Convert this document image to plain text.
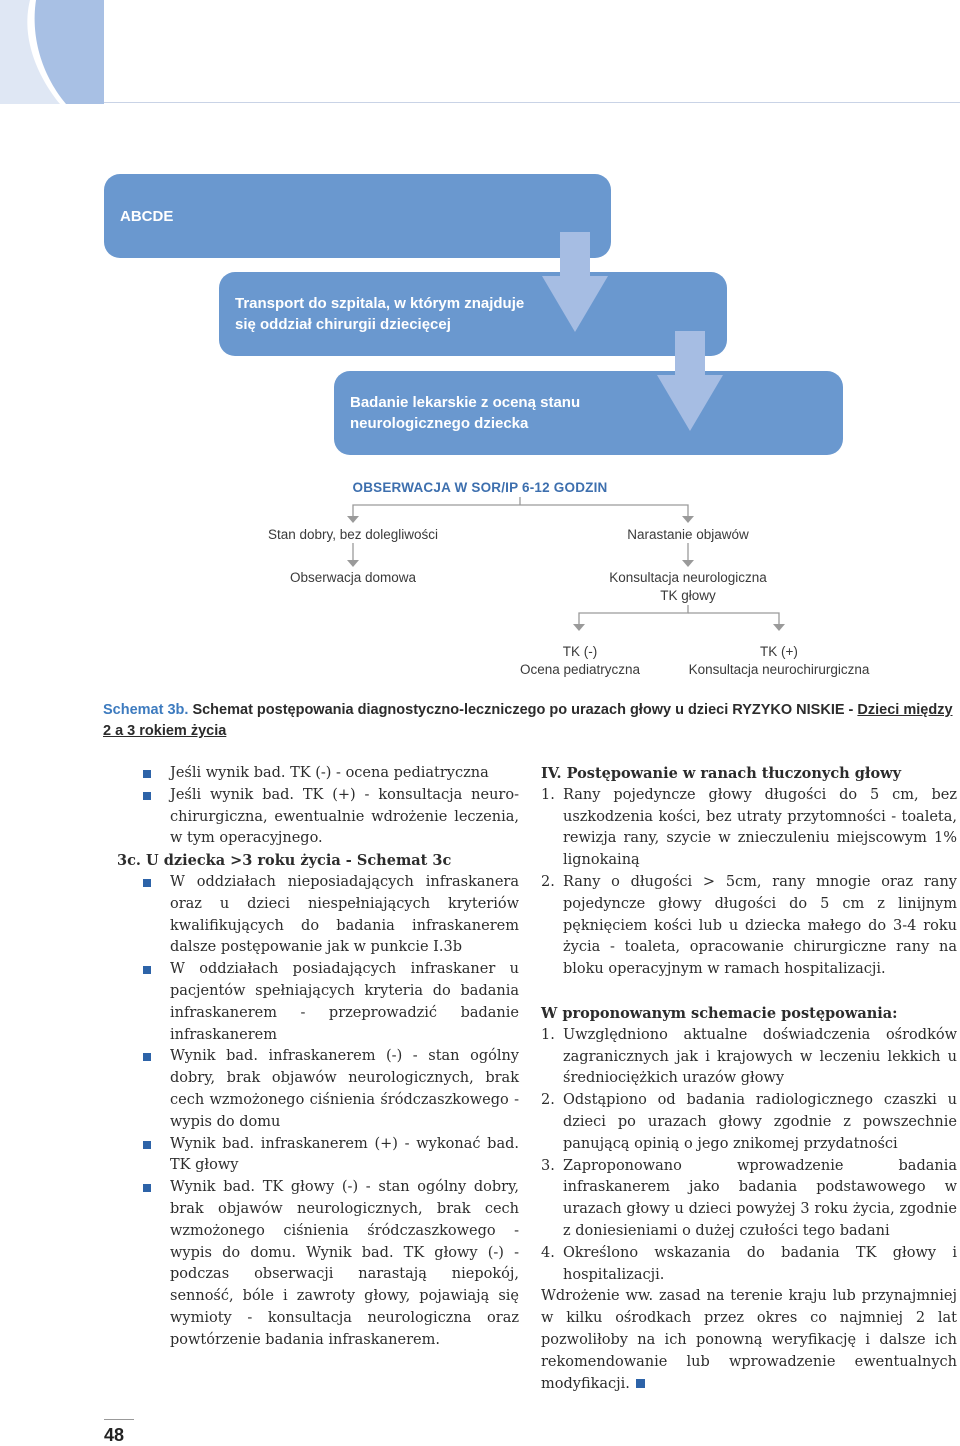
ABCDE
Transport do szpitala, w którym znajduje
się oddział chirurgii dziecięcej
Badanie lekarskie z oceną stanu
neurologicznego dziecka
OBSERWACJA W SOR/IP 6-12 GODZIN
Stan dobry, bez dolegliwości
Obserwacja domowa
Narastanie objawów
Konsultacja neurologiczna
TK głowy
TK (-)
Ocena pediatryczna
TK (+)
Konsultacja neurochirurgiczna
Schemat 3b. Schemat postępowania diagnostyczno-leczniczego po urazach głowy u dzieci RYZYKO NISKIE - Dzieci między 2 a 3 rokiem życia

Jeśli wynik bad. TK (-) - ocena pediatryczna

Jeśli wynik bad. TK (+) - konsultacja neuro-chirurgiczna, ewentualnie wdrożenie leczenia, w tym operacyjnego.

3c. U dziecka >3 roku życia - Schemat 3c

W oddziałach nieposiadających infraskanera oraz u dzieci niespełniających kryteriów kwalifikujących do badania infraskanerem dalsze postępowanie jak w punkcie I.3b

W oddziałach posiadających infraskaner u pacjentów spełniających kryteria do badania infraskanerem - przeprowadzić badanie infraskanerem

Wynik bad. infraskanerem (-) - stan ogólny dobry, brak objawów neurologicznych, brak cech wzmożonego ciśnienia śródczaszkowego - wypis do domu

Wynik bad. infraskanerem (+) - wykonać bad. TK głowy

Wynik bad. TK głowy (-) - stan ogólny dobry, brak objawów neurologicznych, brak cech wzmożonego ciśnienia śródczaszkowego - wypis do domu. Wynik bad. TK głowy (-) - podczas obserwacji narastają niepokój, senność, bóle i zawroty głowy, pojawiają się wymioty - konsultacja neurologiczna oraz powtórzenie badania infraskanerem.

IV. Postępowanie w ranach tłuczonych głowy

1. Rany pojedyncze głowy długości do 5 cm, bez uszkodzenia kości, bez utraty przytomności - toaleta, rewizja rany, szycie w znieczuleniu miejscowym 1% lignokainą

2. Rany o długości > 5cm, rany mnogie oraz rany pojedyncze głowy długości do 5 cm z linijnym pęknięciem kości lub u dziecka małego do 3-4 roku życia - toaleta, opracowanie chirurgiczne rany na bloku operacyjnym w ramach hospitalizacji.

W proponowanym schemacie postępowania:

1. Uwzględniono aktualne doświadczenia ośrodków zagranicznych jak i krajowych w leczeniu lekkich u średniociężkich urazów głowy

2. Odstąpiono od badania radiologicznego czaszki u dzieci po urazach głowy zgodnie z powszechnie panującą opinią o jego znikomej przydatności

3. Zaproponowano wprowadzenie badania infraskanerem jako badania podstawowego w urazach głowy u dzieci powyżej 3 roku życia, zgodnie z doniesieniami o dużej czułości tego badani

4. Określono wskazania do badania TK głowy i hospitalizacji.

Wdrożenie ww. zasad na terenie kraju lub przynajmniej w kilku ośrodkach przez okres co najmniej 2 lat pozwoliłoby na ich ponowną weryfikację i dalsze ich rekomendowanie lub wprowadzenie ewentualnych modyfikacji.

48
